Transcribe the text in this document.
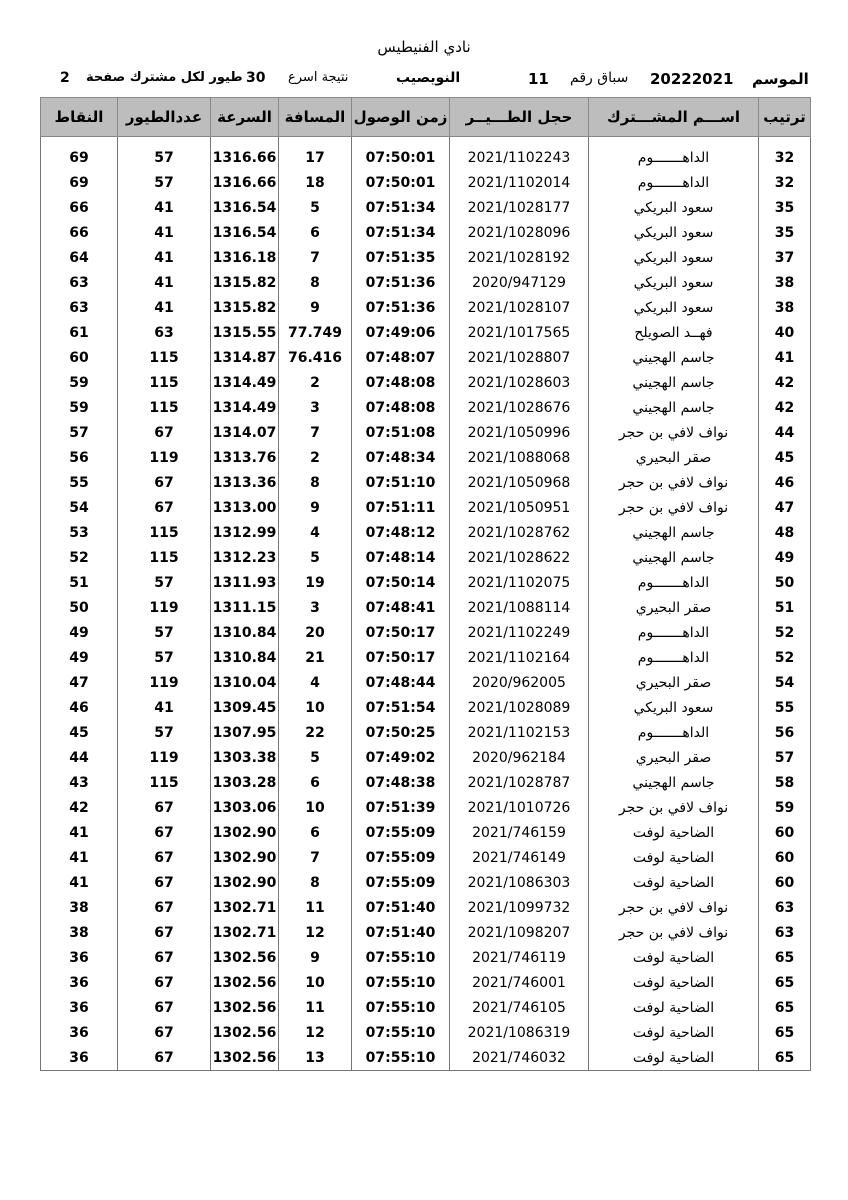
نادي الفنيطيس
2 طيور لكل مشترك صفحة 30 نتيجة اسرع	النويصيب	11 سباق رقم 20222021 الموسم
ترتيب	اســـم المشـــترك	حجل الطـــيــر	زمن الوصول	المسافة	السرعة	عددالطيور	النقاط

32	الداهـــــــوم	2021/1102243	07:50:01	17	1316.66	57	69
32	الداهـــــــوم	2021/1102014	07:50:01	18	1316.66	57	69
35	سعود البريكي	2021/1028177	07:51:34	5	1316.54	41	66
35	سعود البريكي	2021/1028096	07:51:34	6	1316.54	41	66
37	سعود البريكي	2021/1028192	07:51:35	7	1316.18	41	64
38	سعود البريكي	2020/947129	07:51:36	8	1315.82	41	63
38	سعود البريكي	2021/1028107	07:51:36	9	1315.82	41	63
40	فهــد الصويلح	2021/1017565	07:49:06	77.749	1315.55	63	61
41	جاسم الهجيني	2021/1028807	07:48:07	76.416	1314.87	115	60
42	جاسم الهجيني	2021/1028603	07:48:08	2	1314.49	115	59
42	جاسم الهجيني	2021/1028676	07:48:08	3	1314.49	115	59
44	نواف لافي بن حجر	2021/1050996	07:51:08	7	1314.07	67	57
45	صقر البحيري	2021/1088068	07:48:34	2	1313.76	119	56
46	نواف لافي بن حجر	2021/1050968	07:51:10	8	1313.36	67	55
47	نواف لافي بن حجر	2021/1050951	07:51:11	9	1313.00	67	54
48	جاسم الهجيني	2021/1028762	07:48:12	4	1312.99	115	53
49	جاسم الهجيني	2021/1028622	07:48:14	5	1312.23	115	52
50	الداهـــــــوم	2021/1102075	07:50:14	19	1311.93	57	51
51	صقر البحيري	2021/1088114	07:48:41	3	1311.15	119	50
52	الداهـــــــوم	2021/1102249	07:50:17	20	1310.84	57	49
52	الداهـــــــوم	2021/1102164	07:50:17	21	1310.84	57	49
54	صقر البحيري	2020/962005	07:48:44	4	1310.04	119	47
55	سعود البريكي	2021/1028089	07:51:54	10	1309.45	41	46
56	الداهـــــــوم	2021/1102153	07:50:25	22	1307.95	57	45
57	صقر البحيري	2020/962184	07:49:02	5	1303.38	119	44
58	جاسم الهجيني	2021/1028787	07:48:38	6	1303.28	115	43
59	نواف لافي بن حجر	2021/1010726	07:51:39	10	1303.06	67	42
60	الضاحية لوفت	2021/746159	07:55:09	6	1302.90	67	41
60	الضاحية لوفت	2021/746149	07:55:09	7	1302.90	67	41
60	الضاحية لوفت	2021/1086303	07:55:09	8	1302.90	67	41
63	نواف لافي بن حجر	2021/1099732	07:51:40	11	1302.71	67	38
63	نواف لافي بن حجر	2021/1098207	07:51:40	12	1302.71	67	38
65	الضاحية لوفت	2021/746119	07:55:10	9	1302.56	67	36
65	الضاحية لوفت	2021/746001	07:55:10	10	1302.56	67	36
65	الضاحية لوفت	2021/746105	07:55:10	11	1302.56	67	36
65	الضاحية لوفت	2021/1086319	07:55:10	12	1302.56	67	36
65	الضاحية لوفت	2021/746032	07:55:10	13	1302.56	67	36
